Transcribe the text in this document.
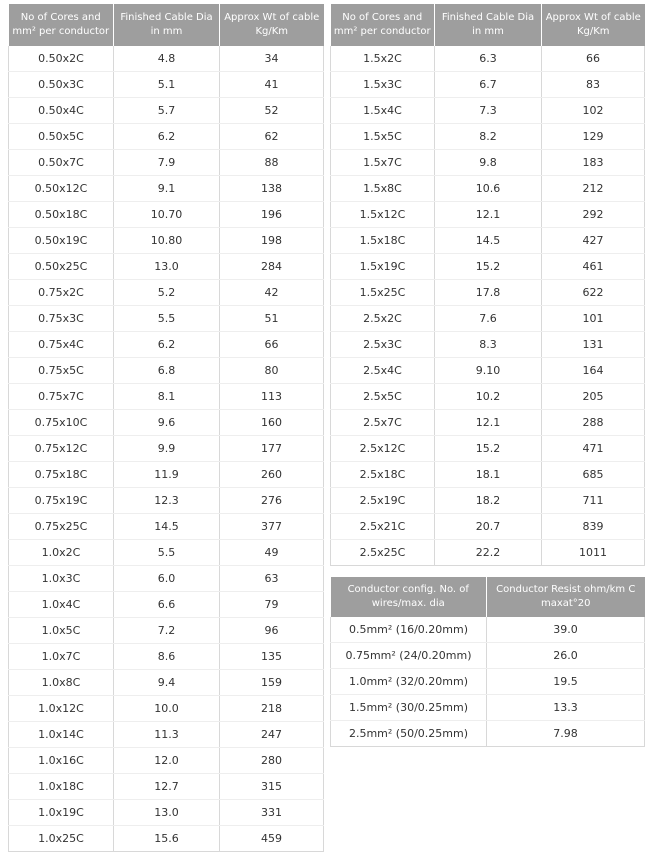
No of Cores and mm² per conductor	Finished Cable Dia in mm	Approx Wt of cable Kg/Km
0.50x2C	4.8	34
0.50x3C	5.1	41
0.50x4C	5.7	52
0.50x5C	6.2	62
0.50x7C	7.9	88
0.50x12C	9.1	138
0.50x18C	10.70	196
0.50x19C	10.80	198
0.50x25C	13.0	284
0.75x2C	5.2	42
0.75x3C	5.5	51
0.75x4C	6.2	66
0.75x5C	6.8	80
0.75x7C	8.1	113
0.75x10C	9.6	160
0.75x12C	9.9	177
0.75x18C	11.9	260
0.75x19C	12.3	276
0.75x25C	14.5	377
1.0x2C	5.5	49
1.0x3C	6.0	63
1.0x4C	6.6	79
1.0x5C	7.2	96
1.0x7C	8.6	135
1.0x8C	9.4	159
1.0x12C	10.0	218
1.0x14C	11.3	247
1.0x16C	12.0	280
1.0x18C	12.7	315
1.0x19C	13.0	331
1.0x25C	15.6	459
No of Cores and mm² per conductor	Finished Cable Dia in mm	Approx Wt of cable Kg/Km
1.5x2C	6.3	66
1.5x3C	6.7	83
1.5x4C	7.3	102
1.5x5C	8.2	129
1.5x7C	9.8	183
1.5x8C	10.6	212
1.5x12C	12.1	292
1.5x18C	14.5	427
1.5x19C	15.2	461
1.5x25C	17.8	622
2.5x2C	7.6	101
2.5x3C	8.3	131
2.5x4C	9.10	164
2.5x5C	10.2	205
2.5x7C	12.1	288
2.5x12C	15.2	471
2.5x18C	18.1	685
2.5x19C	18.2	711
2.5x21C	20.7	839
2.5x25C	22.2	1011
Conductor config. No. of wires/max. dia	Conductor Resist ohm/km C maxat°20
0.5mm² (16/0.20mm)	39.0
0.75mm² (24/0.20mm)	26.0
1.0mm² (32/0.20mm)	19.5
1.5mm² (30/0.25mm)	13.3
2.5mm² (50/0.25mm)	7.98
